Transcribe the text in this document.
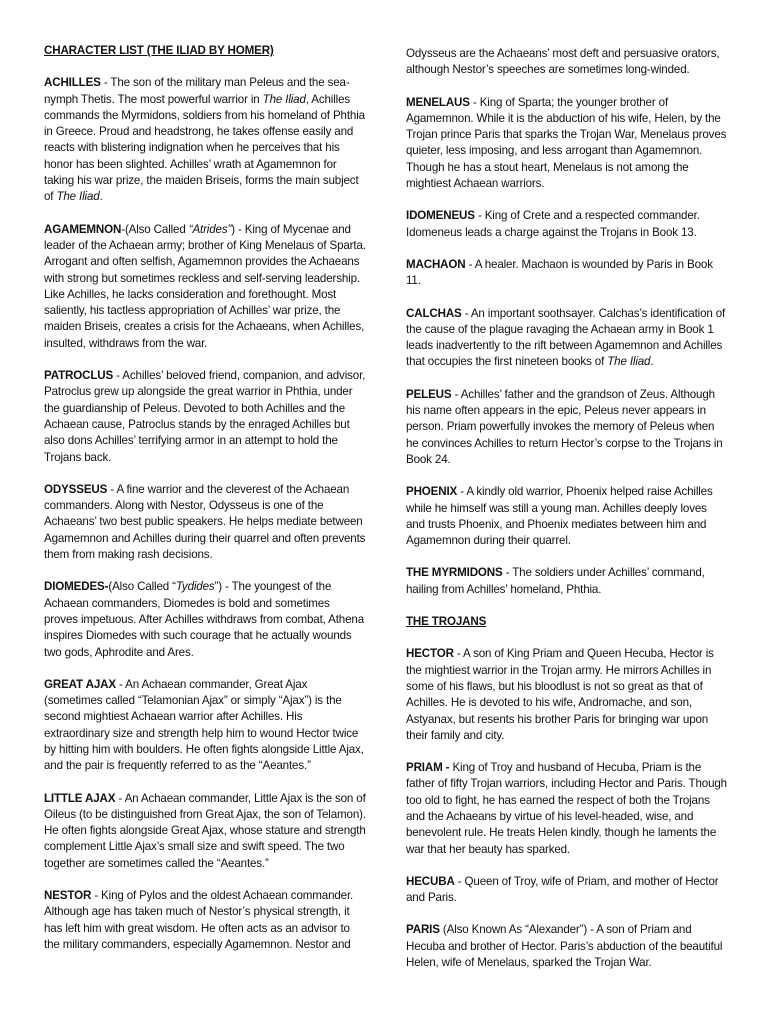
CHARACTER LIST (THE ILIAD BY HOMER)

ACHILLES - The son of the military man Peleus and the sea-nymph Thetis. The most powerful warrior in The Iliad, Achilles commands the Myrmidons, soldiers from his homeland of Phthia in Greece. Proud and headstrong, he takes offense easily and reacts with blistering indignation when he perceives that his honor has been slighted. Achilles’ wrath at Agamemnon for taking his war prize, the maiden Briseis, forms the main subject of The Iliad.

AGAMEMNON-(Also Called “Atrides”) - King of Mycenae and leader of the Achaean army; brother of King Menelaus of Sparta. Arrogant and often selfish, Agamemnon provides the Achaeans with strong but sometimes reckless and self-serving leadership. Like Achilles, he lacks consideration and forethought. Most saliently, his tactless appropriation of Achilles’ war prize, the maiden Briseis, creates a crisis for the Achaeans, when Achilles, insulted, withdraws from the war.

PATROCLUS - Achilles’ beloved friend, companion, and advisor, Patroclus grew up alongside the great warrior in Phthia, under the guardianship of Peleus. Devoted to both Achilles and the Achaean cause, Patroclus stands by the enraged Achilles but also dons Achilles’ terrifying armor in an attempt to hold the Trojans back.

ODYSSEUS - A fine warrior and the cleverest of the Achaean commanders. Along with Nestor, Odysseus is one of the Achaeans’ two best public speakers. He helps mediate between Agamemnon and Achilles during their quarrel and often prevents them from making rash decisions.

DIOMEDES-(Also Called “Tydides”) - The youngest of the Achaean commanders, Diomedes is bold and sometimes proves impetuous. After Achilles withdraws from combat, Athena inspires Diomedes with such courage that he actually wounds two gods, Aphrodite and Ares.

GREAT AJAX - An Achaean commander, Great Ajax (sometimes called “Telamonian Ajax” or simply “Ajax”) is the second mightiest Achaean warrior after Achilles. His extraordinary size and strength help him to wound Hector twice by hitting him with boulders. He often fights alongside Little Ajax, and the pair is frequently referred to as the “Aeantes.”

LITTLE AJAX - An Achaean commander, Little Ajax is the son of Oileus (to be distinguished from Great Ajax, the son of Telamon). He often fights alongside Great Ajax, whose stature and strength complement Little Ajax’s small size and swift speed. The two together are sometimes called the “Aeantes.”

NESTOR - King of Pylos and the oldest Achaean commander. Although age has taken much of Nestor’s physical strength, it has left him with great wisdom. He often acts as an advisor to the military commanders, especially Agamemnon. Nestor and

Odysseus are the Achaeans’ most deft and persuasive orators, although Nestor’s speeches are sometimes long-winded.

MENELAUS - King of Sparta; the younger brother of Agamemnon. While it is the abduction of his wife, Helen, by the Trojan prince Paris that sparks the Trojan War, Menelaus proves quieter, less imposing, and less arrogant than Agamemnon. Though he has a stout heart, Menelaus is not among the mightiest Achaean warriors.

IDOMENEUS - King of Crete and a respected commander. Idomeneus leads a charge against the Trojans in Book 13.

MACHAON - A healer. Machaon is wounded by Paris in Book 11.

CALCHAS - An important soothsayer. Calchas’s identification of the cause of the plague ravaging the Achaean army in Book 1 leads inadvertently to the rift between Agamemnon and Achilles that occupies the first nineteen books of The Iliad.

PELEUS - Achilles’ father and the grandson of Zeus. Although his name often appears in the epic, Peleus never appears in person. Priam powerfully invokes the memory of Peleus when he convinces Achilles to return Hector’s corpse to the Trojans in Book 24.

PHOENIX - A kindly old warrior, Phoenix helped raise Achilles while he himself was still a young man. Achilles deeply loves and trusts Phoenix, and Phoenix mediates between him and Agamemnon during their quarrel.

THE MYRMIDONS - The soldiers under Achilles’ command, hailing from Achilles’ homeland, Phthia.

THE TROJANS

HECTOR - A son of King Priam and Queen Hecuba, Hector is the mightiest warrior in the Trojan army. He mirrors Achilles in some of his flaws, but his bloodlust is not so great as that of Achilles. He is devoted to his wife, Andromache, and son, Astyanax, but resents his brother Paris for bringing war upon their family and city.

PRIAM - King of Troy and husband of Hecuba, Priam is the father of fifty Trojan warriors, including Hector and Paris. Though too old to fight, he has earned the respect of both the Trojans and the Achaeans by virtue of his level-headed, wise, and benevolent rule. He treats Helen kindly, though he laments the war that her beauty has sparked.

HECUBA - Queen of Troy, wife of Priam, and mother of Hector and Paris.

PARIS (Also Known As “Alexander”) - A son of Priam and Hecuba and brother of Hector. Paris’s abduction of the beautiful Helen, wife of Menelaus, sparked the Trojan War.
